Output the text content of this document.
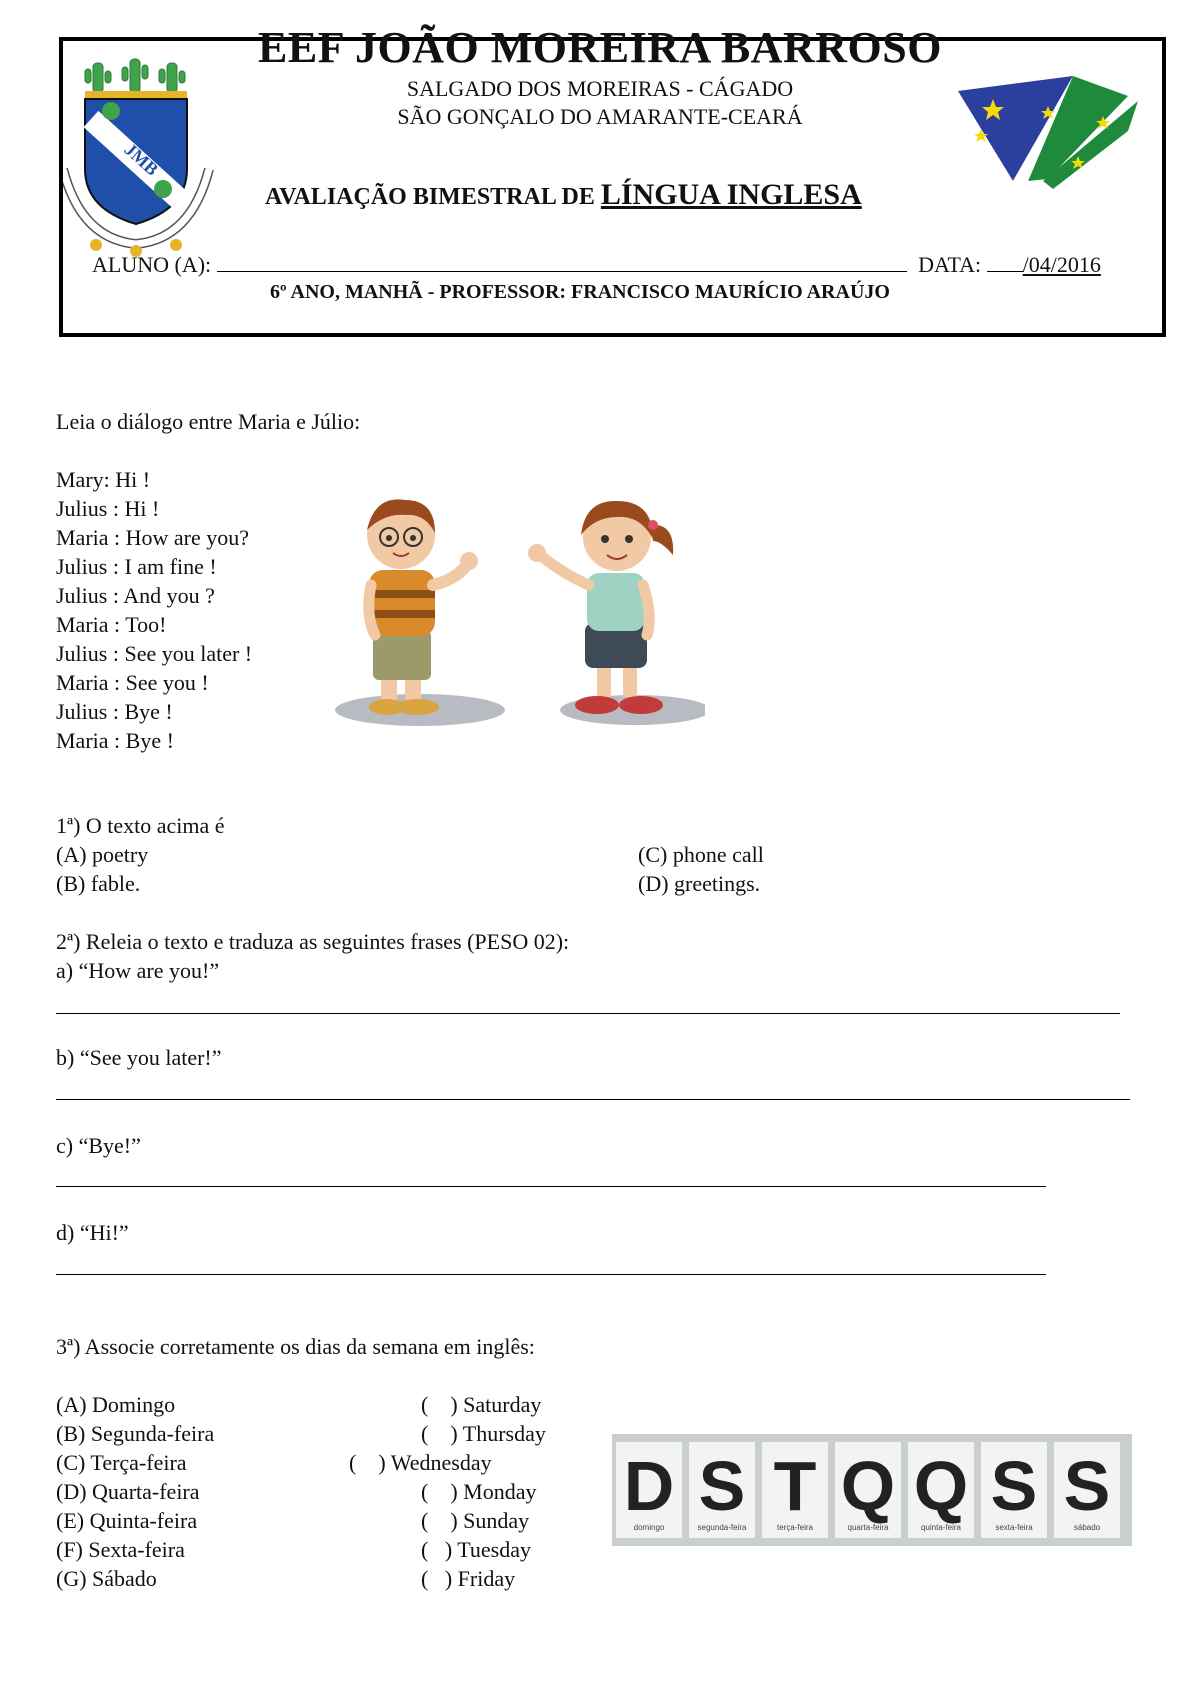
JMB
EEF JOÃO MOREIRA BARROSO
SALGADO DOS MOREIRAS - CÁGADO
SÃO GONÇALO DO AMARANTE-CEARÁ
AVALIAÇÃO BIMESTRAL DE LÍNGUA INGLESA
ALUNO (A):	DATA: /04/2016
6º ANO, MANHÃ - PROFESSOR: FRANCISCO MAURÍCIO ARAÚJO
Leia o diálogo entre Maria e Júlio:
Mary: Hi !
Julius : Hi !
Maria : How are you?
Julius : I am fine !
Julius : And you ?
Maria : Too!
Julius : See you later !
Maria : See you !
Julius : Bye !
Maria : Bye !
1ª) O texto acima é
(A) poetry
(B) fable.
(C) phone call
(D) greetings.
2ª) Releia o texto e traduza as seguintes frases (PESO 02):
a) “How are you!”
b) “See you later!”
c) “Bye!”
d) “Hi!”
3ª) Associe corretamente os dias da semana em inglês:
(A) Domingo
(B) Segunda-feira
(C) Terça-feira
(D) Quarta-feira
(E) Quinta-feira
(F) Sexta-feira
(G) Sábado
(    ) Saturday
(    ) Thursday
(    ) Wednesday
(    ) Monday
(    ) Sunday
(   ) Tuesday
(   ) Friday
D
domingo
S
segunda-feira
T
terça-feira
Q
quarta-feira
Q
quinta-feira
S
sexta-feira
S
sábado
